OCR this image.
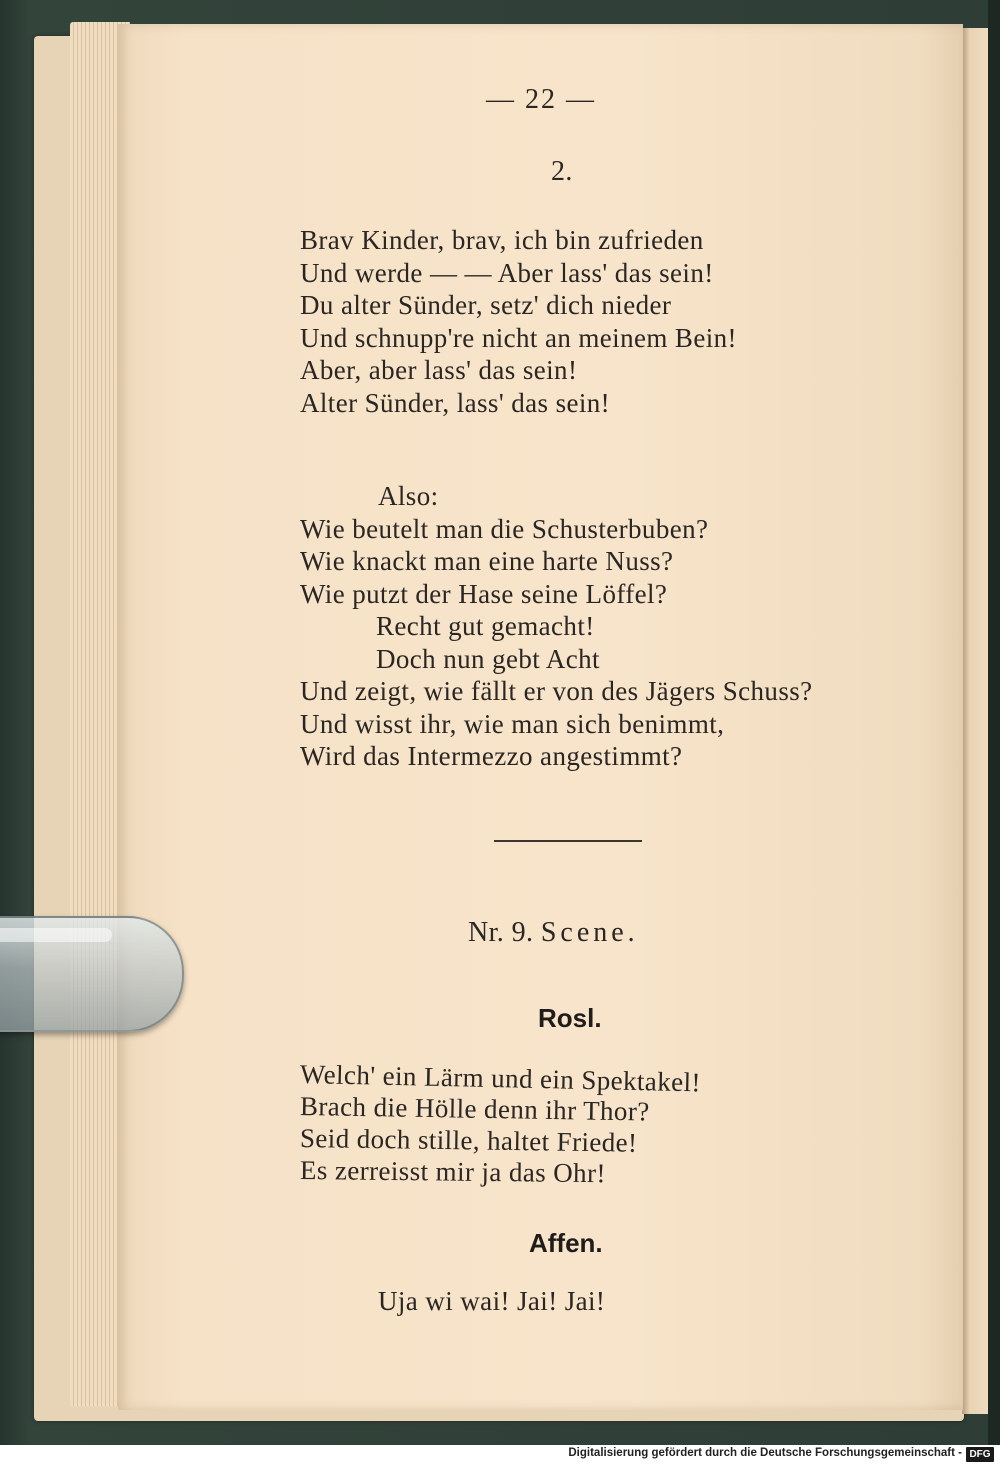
— 22 —
2.
Brav Kinder, brav, ich bin zufrieden
Und werde — — Aber lass' das sein!
Du alter Sünder, setz' dich nieder
Und schnupp're nicht an meinem Bein!
Aber, aber lass' das sein!
Alter Sünder, lass' das sein!
Also:
Wie beutelt man die Schusterbuben?
Wie knackt man eine harte Nuss?
Wie putzt der Hase seine Löffel?
Recht gut gemacht!
Doch nun gebt Acht
Und zeigt, wie fällt er von des Jägers Schuss?
Und wisst ihr, wie man sich benimmt,
Wird das Intermezzo angestimmt?
Nr. 9. Scene.
Rosl.
Welch' ein Lärm und ein Spektakel!
Brach die Hölle denn ihr Thor?
Seid doch stille, haltet Friede!
Es zerreisst mir ja das Ohr!
Affen.
Uja wi wai! Jai! Jai!
Digitalisierung gefördert durch die Deutsche Forschungsgemeinschaft - DFG
